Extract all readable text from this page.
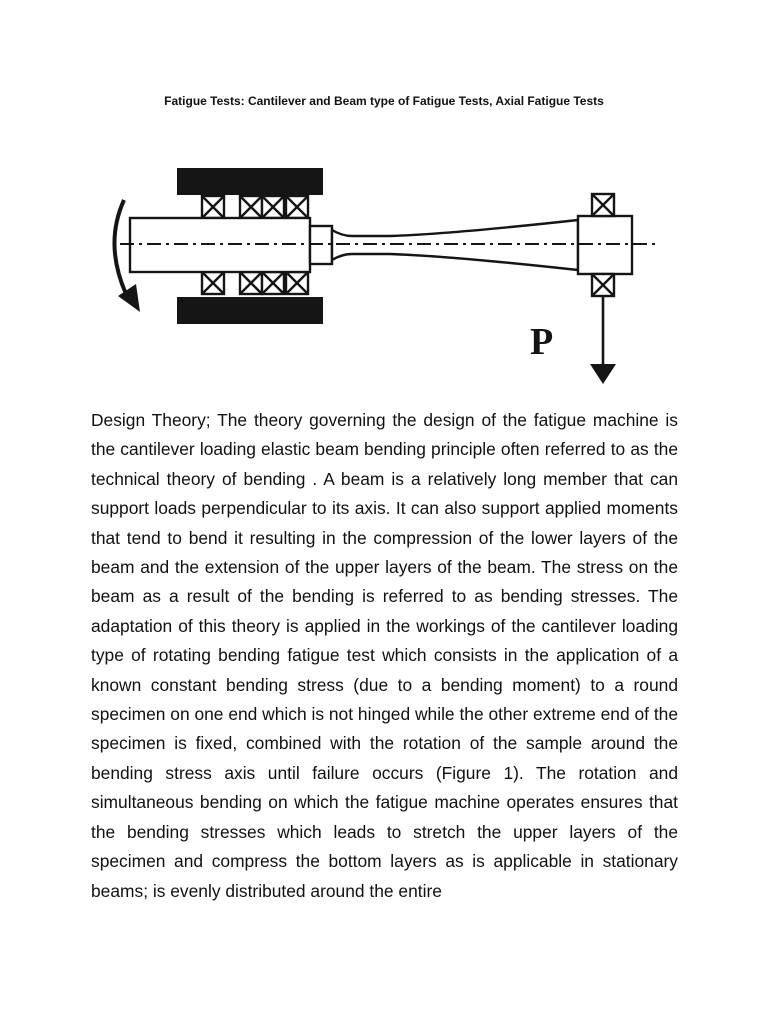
Fatigue Tests: Cantilever and Beam type of Fatigue Tests, Axial Fatigue Tests
P

Design Theory; The theory governing the design of the fatigue machine is the cantilever loading elastic beam bending principle often referred to as the technical theory of bending . A beam is a relatively long member that can support loads perpendicular to its axis. It can also support applied moments that tend to bend it resulting in the compression of the lower layers of the beam and the extension of the upper layers of the beam. The stress on the beam as a result of the bending is referred to as bending stresses. The adaptation of this theory is applied in the workings of the cantilever loading type of rotating bending fatigue test which consists in the application of a known constant bending stress (due to a bending moment) to a round specimen on one end which is not hinged while the other extreme end of the specimen is fixed, combined with the rotation of the sample around the bending stress axis until failure occurs (Figure 1). The rotation and simultaneous bending on which the fatigue machine operates ensures that the bending stresses which leads to stretch the upper layers of the specimen and compress the bottom layers as is applicable in stationary beams; is evenly distributed around the entire
